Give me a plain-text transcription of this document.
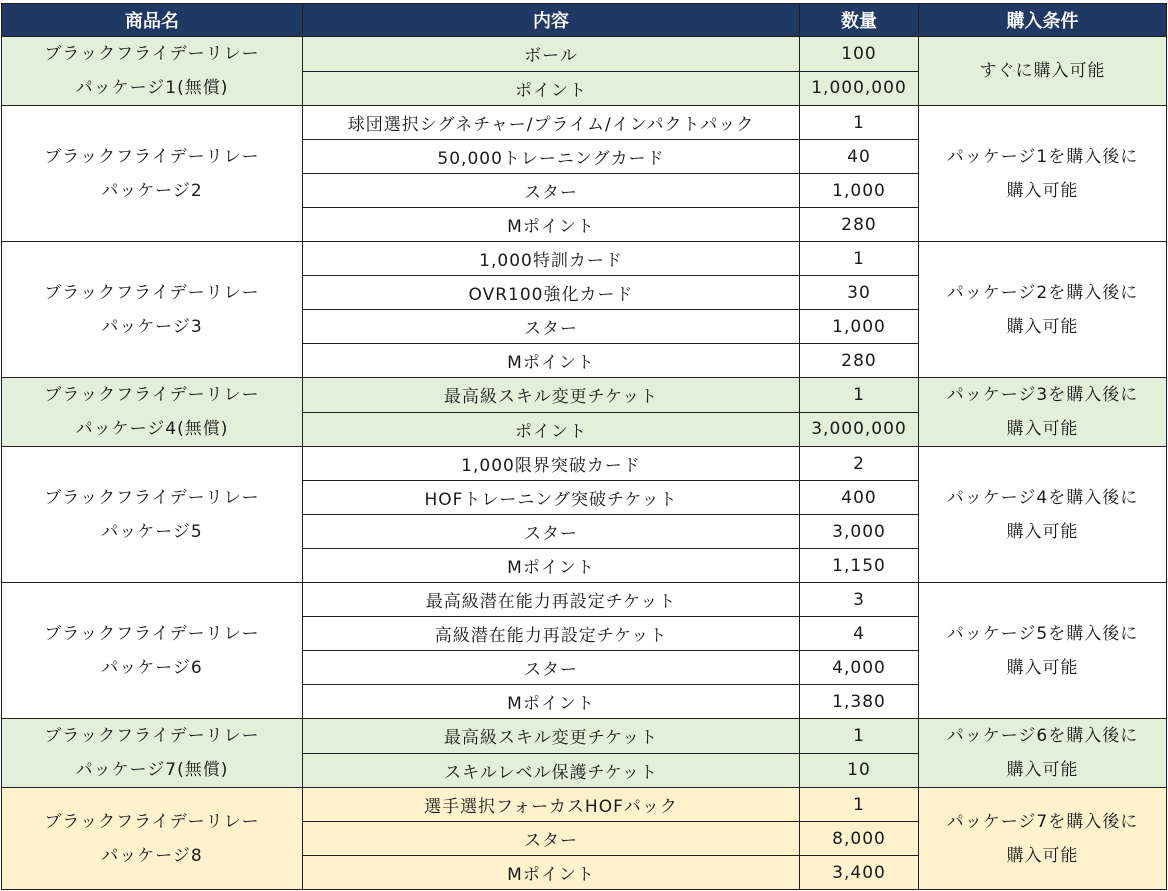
商品名	内容	数量	購入条件

ブラックフライデーリレー
パッケージ1(無償)	ボール	100	すぐに購入可能

	ポイント	1,000,000	

ブラックフライデーリレー
パッケージ2	球団選択シグネチャー/プライム/インパクトパック	1	パッケージ1を購入後に
購入可能

	50,000トレーニングカード	40	
	スター	1,000	
	Mポイント	280	

ブラックフライデーリレー
パッケージ3	1,000特訓カード	1	パッケージ2を購入後に
購入可能

	OVR100強化カード	30	
	スター	1,000	
	Mポイント	280	

ブラックフライデーリレー
パッケージ4(無償)	最高級スキル変更チケット	1	パッケージ3を購入後に
購入可能

	ポイント	3,000,000	

ブラックフライデーリレー
パッケージ5	1,000限界突破カード	2	パッケージ4を購入後に
購入可能

	HOFトレーニング突破チケット	400	
	スター	3,000	
	Mポイント	1,150	

ブラックフライデーリレー
パッケージ6	最高級潜在能力再設定チケット	3	パッケージ5を購入後に
購入可能

	高級潜在能力再設定チケット	4	
	スター	4,000	
	Mポイント	1,380	

ブラックフライデーリレー
パッケージ7(無償)	最高級スキル変更チケット	1	パッケージ6を購入後に
購入可能

	スキルレベル保護チケット	10	

ブラックフライデーリレー
パッケージ8	選手選択フォーカスHOFパック	1	パッケージ7を購入後に
購入可能

	スター	8,000	
	Mポイント	3,400	
